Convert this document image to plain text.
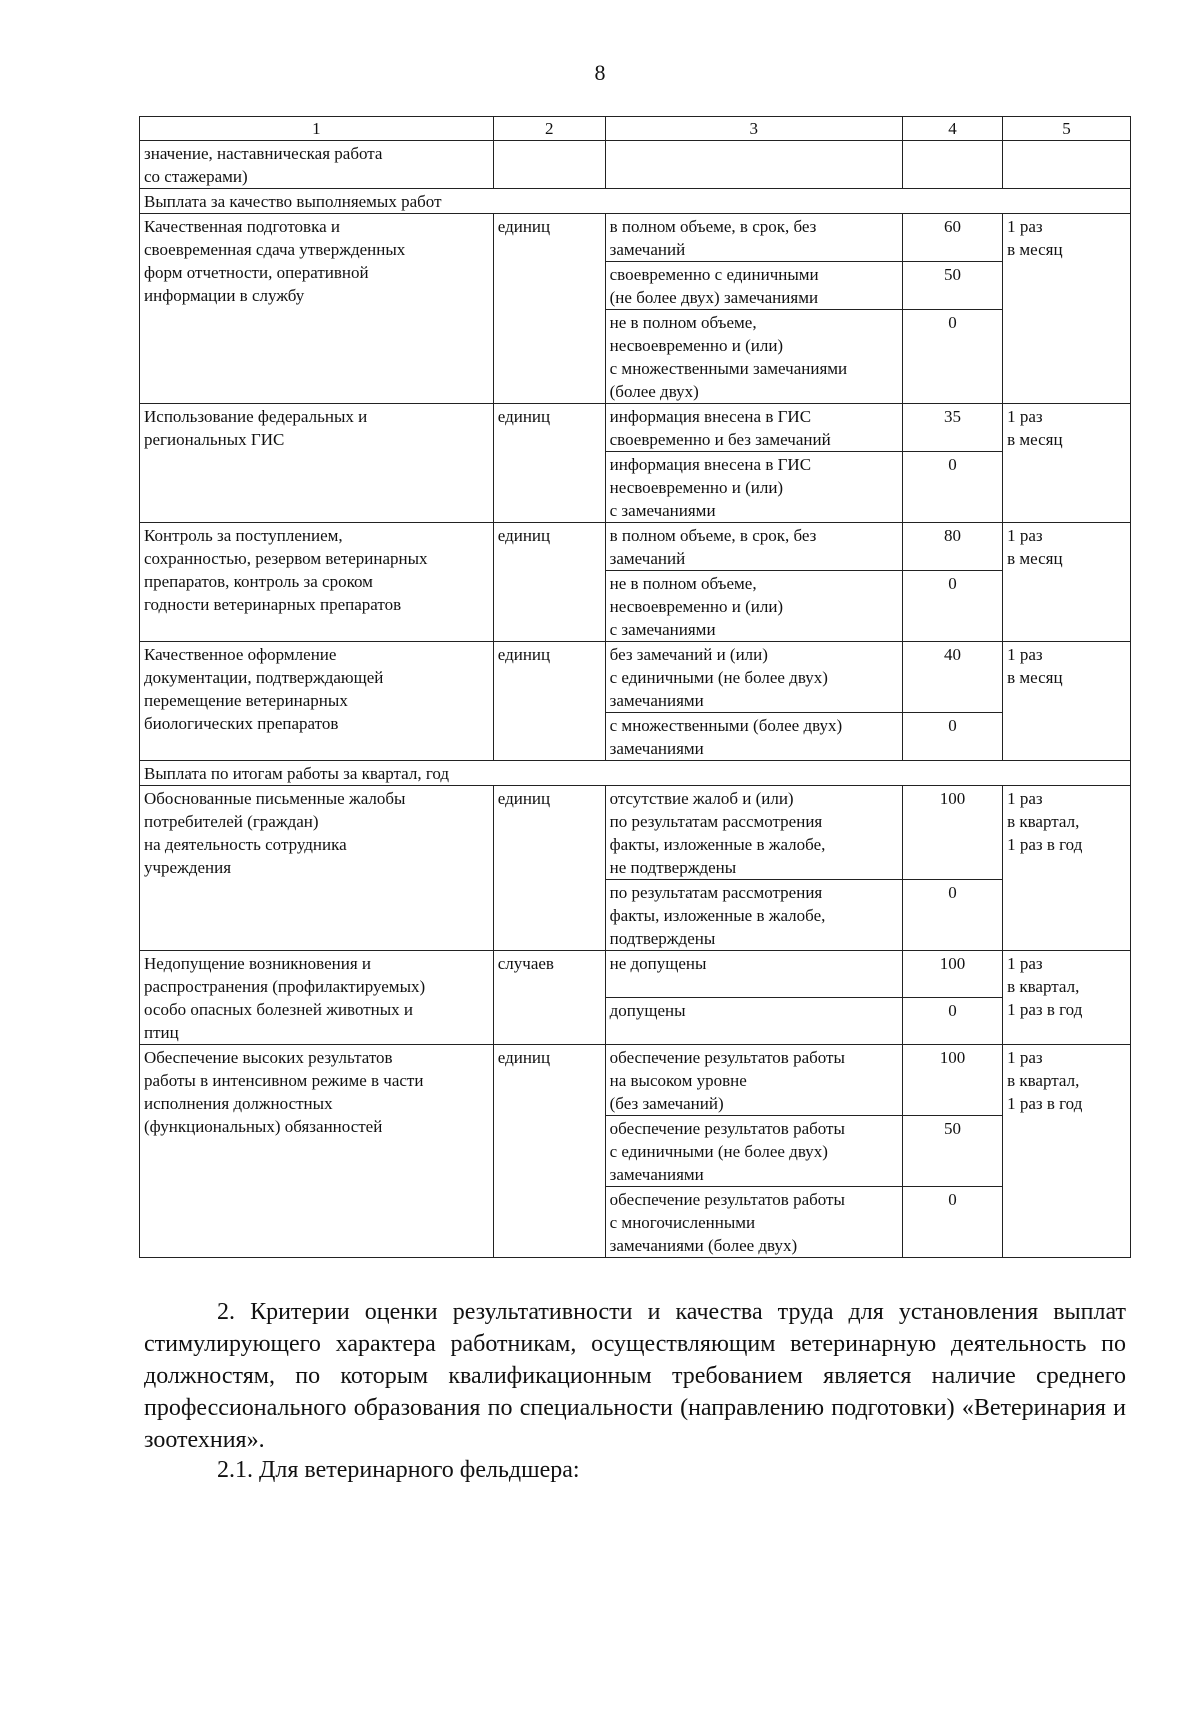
8
1	2	3	4	5
значение, наставническая работа
со стажерами)				
Выплата за качество выполняемых работ				
Качественная подготовка и
своевременная сдача утвержденных
форм отчетности, оперативной
информации в службу	единиц	в полном объеме, в срок, без
замечаний	60	1 раз
в месяц
		своевременно с единичными
(не более двух) замечаниями	50	
		не в полном объеме,
несвоевременно и (или)
с множественными замечаниями
(более двух)	0	
Использование федеральных и
региональных ГИС	единиц	информация внесена в ГИС
своевременно и без замечаний	35	1 раз
в месяц
		информация внесена в ГИС
несвоевременно и (или)
с замечаниями	0	
Контроль за поступлением,
сохранностью, резервом ветеринарных
препаратов, контроль за сроком
годности ветеринарных препаратов	единиц	в полном объеме, в срок, без
замечаний	80	1 раз
в месяц
		не в полном объеме,
несвоевременно и (или)
с замечаниями	0	
Качественное оформление
документации, подтверждающей
перемещение ветеринарных
биологических препаратов	единиц	без замечаний и (или)
с единичными (не более двух)
замечаниями	40	1 раз
в месяц
		с множественными (более двух)
замечаниями	0	
Выплата по итогам работы за квартал, год				
Обоснованные письменные жалобы
потребителей (граждан)
на деятельность сотрудника
учреждения	единиц	отсутствие жалоб и (или)
по результатам рассмотрения
факты, изложенные в жалобе,
не подтверждены	100	1 раз
в квартал,
1 раз в год
		по результатам рассмотрения
факты, изложенные в жалобе,
подтверждены	0	
Недопущение возникновения и
распространения (профилактируемых)
особо опасных болезней животных и
птиц	случаев	не допущены	100	1 раз
в квартал,
1 раз в год
		допущены	0	
Обеспечение высоких результатов
работы в интенсивном режиме в части
исполнения должностных
(функциональных) обязанностей	единиц	обеспечение результатов работы
на высоком уровне
(без замечаний)	100	1 раз
в квартал,
1 раз в год
		обеспечение результатов работы
с единичными (не более двух)
замечаниями	50	
		обеспечение результатов работы
с многочисленными
замечаниями (более двух)	0	

2. Критерии оценки результативности и качества труда для установления выплат стимулирующего характера работникам, осуществляющим ветеринарную деятельность по должностям, по которым квалификационным требованием является наличие среднего профессионального образования по специальности (направлению подготовки) «Ветеринария и зоотехния».

2.1. Для ветеринарного фельдшера:
